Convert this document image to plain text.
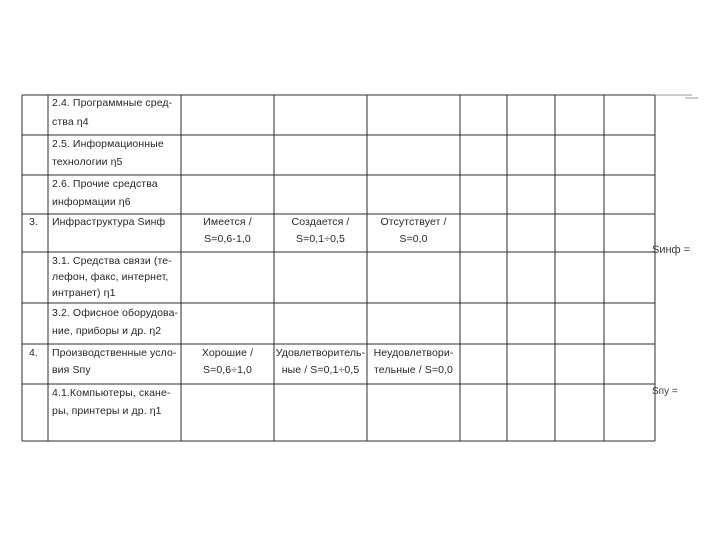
2.4. Программные сред-
ства η4
2.5. Информационные
технологии η5
2.6. Прочие средства
информации η6
3. Инфраструктура Sинф	Имеется /
S=0,6-1,0
Создается /
S=0,1÷0,5
Отсутствует /
S=0,0
3.1. Средства связи (те-
лефон, факс, интернет,
интранет) η1
3.2. Офисное оборудова-
ние, приборы и др. η2
4. Производственные усло-
вия Sпу
Хорошие /
S=0,6÷1,0
Удовлетворитель-
ные / S=0,1÷0,5
Неудовлетвори-
тельные / S=0,0
4.1.Компьютеры, скане-
ры, принтеры и др. η1
Sинф =
Sпу =
